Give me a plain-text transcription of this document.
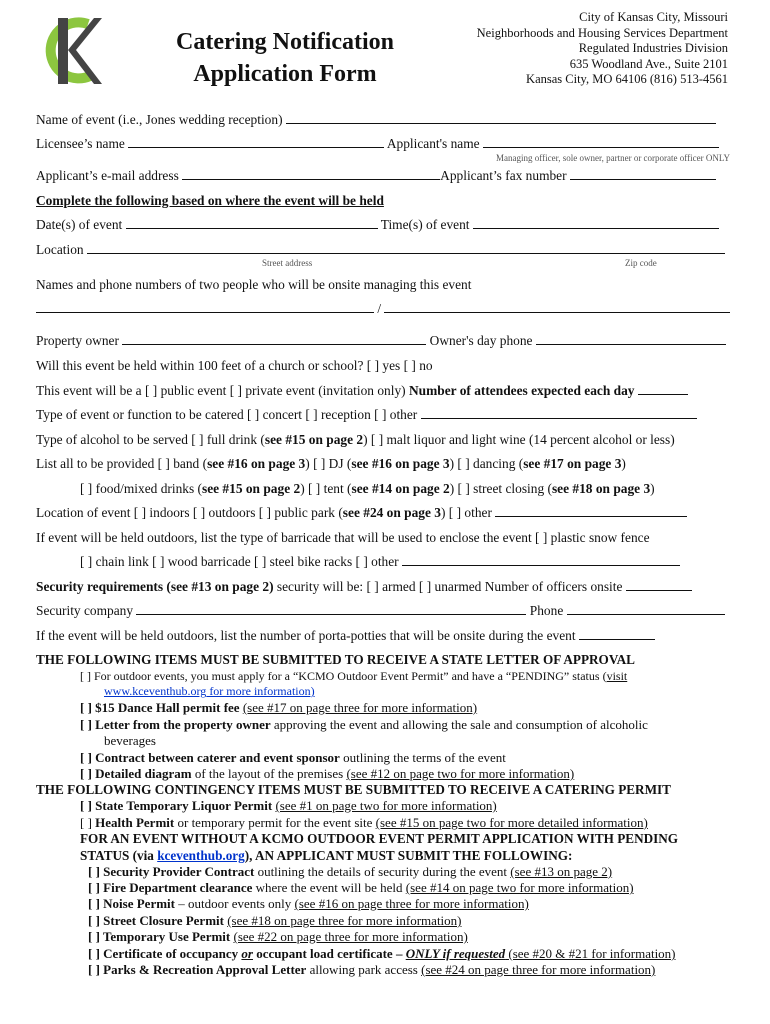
Catering Notification
Application Form
City of Kansas City, Missouri
Neighborhoods and Housing Services Department
Regulated Industries Division
635 Woodland Ave., Suite 2101
Kansas City, MO 64106 (816) 513-4561
Name of event (i.e., Jones wedding reception)
Licensee’s name	Applicant's name
Managing officer, sole owner, partner or corporate officer ONLY
Applicant’s e-mail address	Applicant’s fax number
Complete the following based on where the event will be held
Date(s) of event	Time(s) of event
Location
Street address	Zip code
Names and phone numbers of two people who will be onsite managing this event
/
Property owner	Owner's day phone
Will this event be held within 100 feet of a church or school? [ ] yes [ ] no
This event will be a [ ] public event [ ] private event (invitation only) Number of attendees expected each day
Type of event or function to be catered [ ] concert [ ] reception [ ] other
Type of alcohol to be served [ ] full drink (see #15 on page 2) [ ] malt liquor and light wine (14 percent alcohol or less)
List all to be provided [ ] band (see #16 on page 3) [ ] DJ (see #16 on page 3) [ ] dancing (see #17 on page 3)
[ ] food/mixed drinks (see #15 on page 2) [ ] tent (see #14 on page 2) [ ] street closing (see #18 on page 3)
Location of event [ ] indoors [ ] outdoors [ ] public park (see #24 on page 3) [ ] other
If event will be held outdoors, list the type of barricade that will be used to enclose the event [ ] plastic snow fence
[ ] chain link [ ] wood barricade [ ] steel bike racks [ ] other
Security requirements (see #13 on page 2) security will be: [ ] armed [ ] unarmed Number of officers onsite
Security company	Phone
If the event will be held outdoors, list the number of porta-potties that will be onsite during the event
THE FOLLOWING ITEMS MUST BE SUBMITTED TO RECEIVE A STATE LETTER OF APPROVAL
[ ] For outdoor events, you must apply for a “KCMO Outdoor Event Permit” and have a “PENDING” status (visit
www.kceventhub.org for more information)
[ ] $15 Dance Hall permit fee (see #17 on page three for more information)
[ ] Letter from the property owner approving the event and allowing the sale and consumption of alcoholic
beverages
[ ] Contract between caterer and event sponsor outlining the terms of the event
[ ] Detailed diagram of the layout of the premises (see #12 on page two for more information)
THE FOLLOWING CONTINGENCY ITEMS MUST BE SUBMITTED TO RECEIVE A CATERING PERMIT
[ ] State Temporary Liquor Permit (see #1 on page two for more information)
[ ] Health Permit or temporary permit for the event site (see #15 on page two for more detailed information)
FOR AN EVENT WITHOUT A KCMO OUTDOOR EVENT PERMIT APPLICATION WITH PENDING
STATUS (via kceventhub.org), AN APPLICANT MUST SUBMIT THE FOLLOWING:
[ ] Security Provider Contract outlining the details of security during the event (see #13 on page 2)
[ ] Fire Department clearance where the event will be held (see #14 on page two for more information)
[ ] Noise Permit – outdoor events only (see #16 on page three for more information)
[ ] Street Closure Permit (see #18 on page three for more information)
[ ] Temporary Use Permit (see #22 on page three for more information)
[ ] Certificate of occupancy or occupant load certificate – ONLY if requested (see #20 & #21 for information)
[ ] Parks & Recreation Approval Letter allowing park access (see #24 on page three for more information)
